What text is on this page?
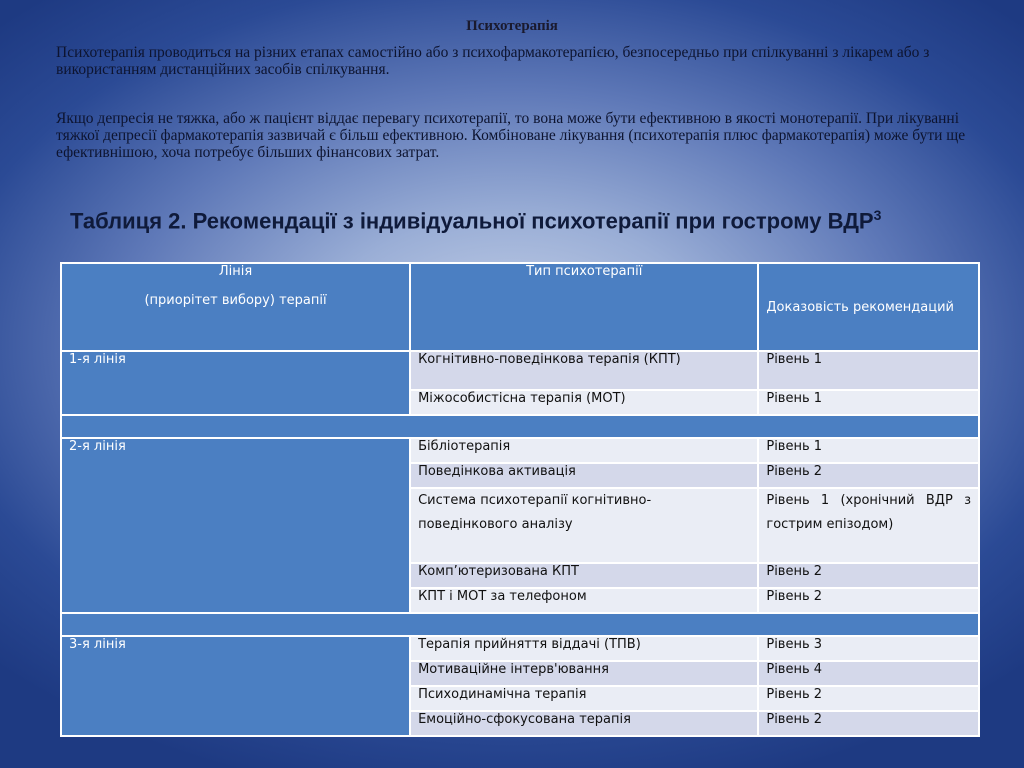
Психотерапія
Психотерапія проводиться на різних етапах самостійно або з психофармакотерапією, безпосередньо при спілкуванні з лікарем або з використанням дистанційних засобів спілкування.
Якщо депресія не тяжка, або ж пацієнт віддає перевагу психотерапії, то вона може бути ефективною в якості монотерапії. При лікуванні тяжкої депресії фармакотерапія зазвичай є більш ефективною. Комбіноване лікування (психотерапія плюс фармакотерапія) може бути ще ефективнішою, хоча потребує більших фінансових затрат.
Таблиця 2. Рекомендації з індивідуальної психотерапії при гострому ВДР$^3$
Лінія
(приорітет вибору) терапії	Тип психотерапії	Доказовість рекомендаций
1-я лінія	Когнітивно-поведінкова терапія (КПТ)	Рівень 1
	Міжособистісна терапія (МОТ)	Рівень 1

2-я лінія	Бібліотерапія	Рівень 1
	Поведінкова активація	Рівень 2
	Система психотерапії когнітивно-поведінкового аналізу	Рівень 1 (хронічний ВДР з гострим епізодом)
	Комп’ютеризована КПТ	Рівень 2
	КПТ і МОТ за телефоном	Рівень 2

3-я лінія	Терапія прийняття віддачі (ТПВ)	Рівень 3
	Мотиваційне інтерв'ювання	Рівень 4
	Психодинамічна терапія	Рівень 2
	Емоційно-сфокусована терапія	Рівень 2
